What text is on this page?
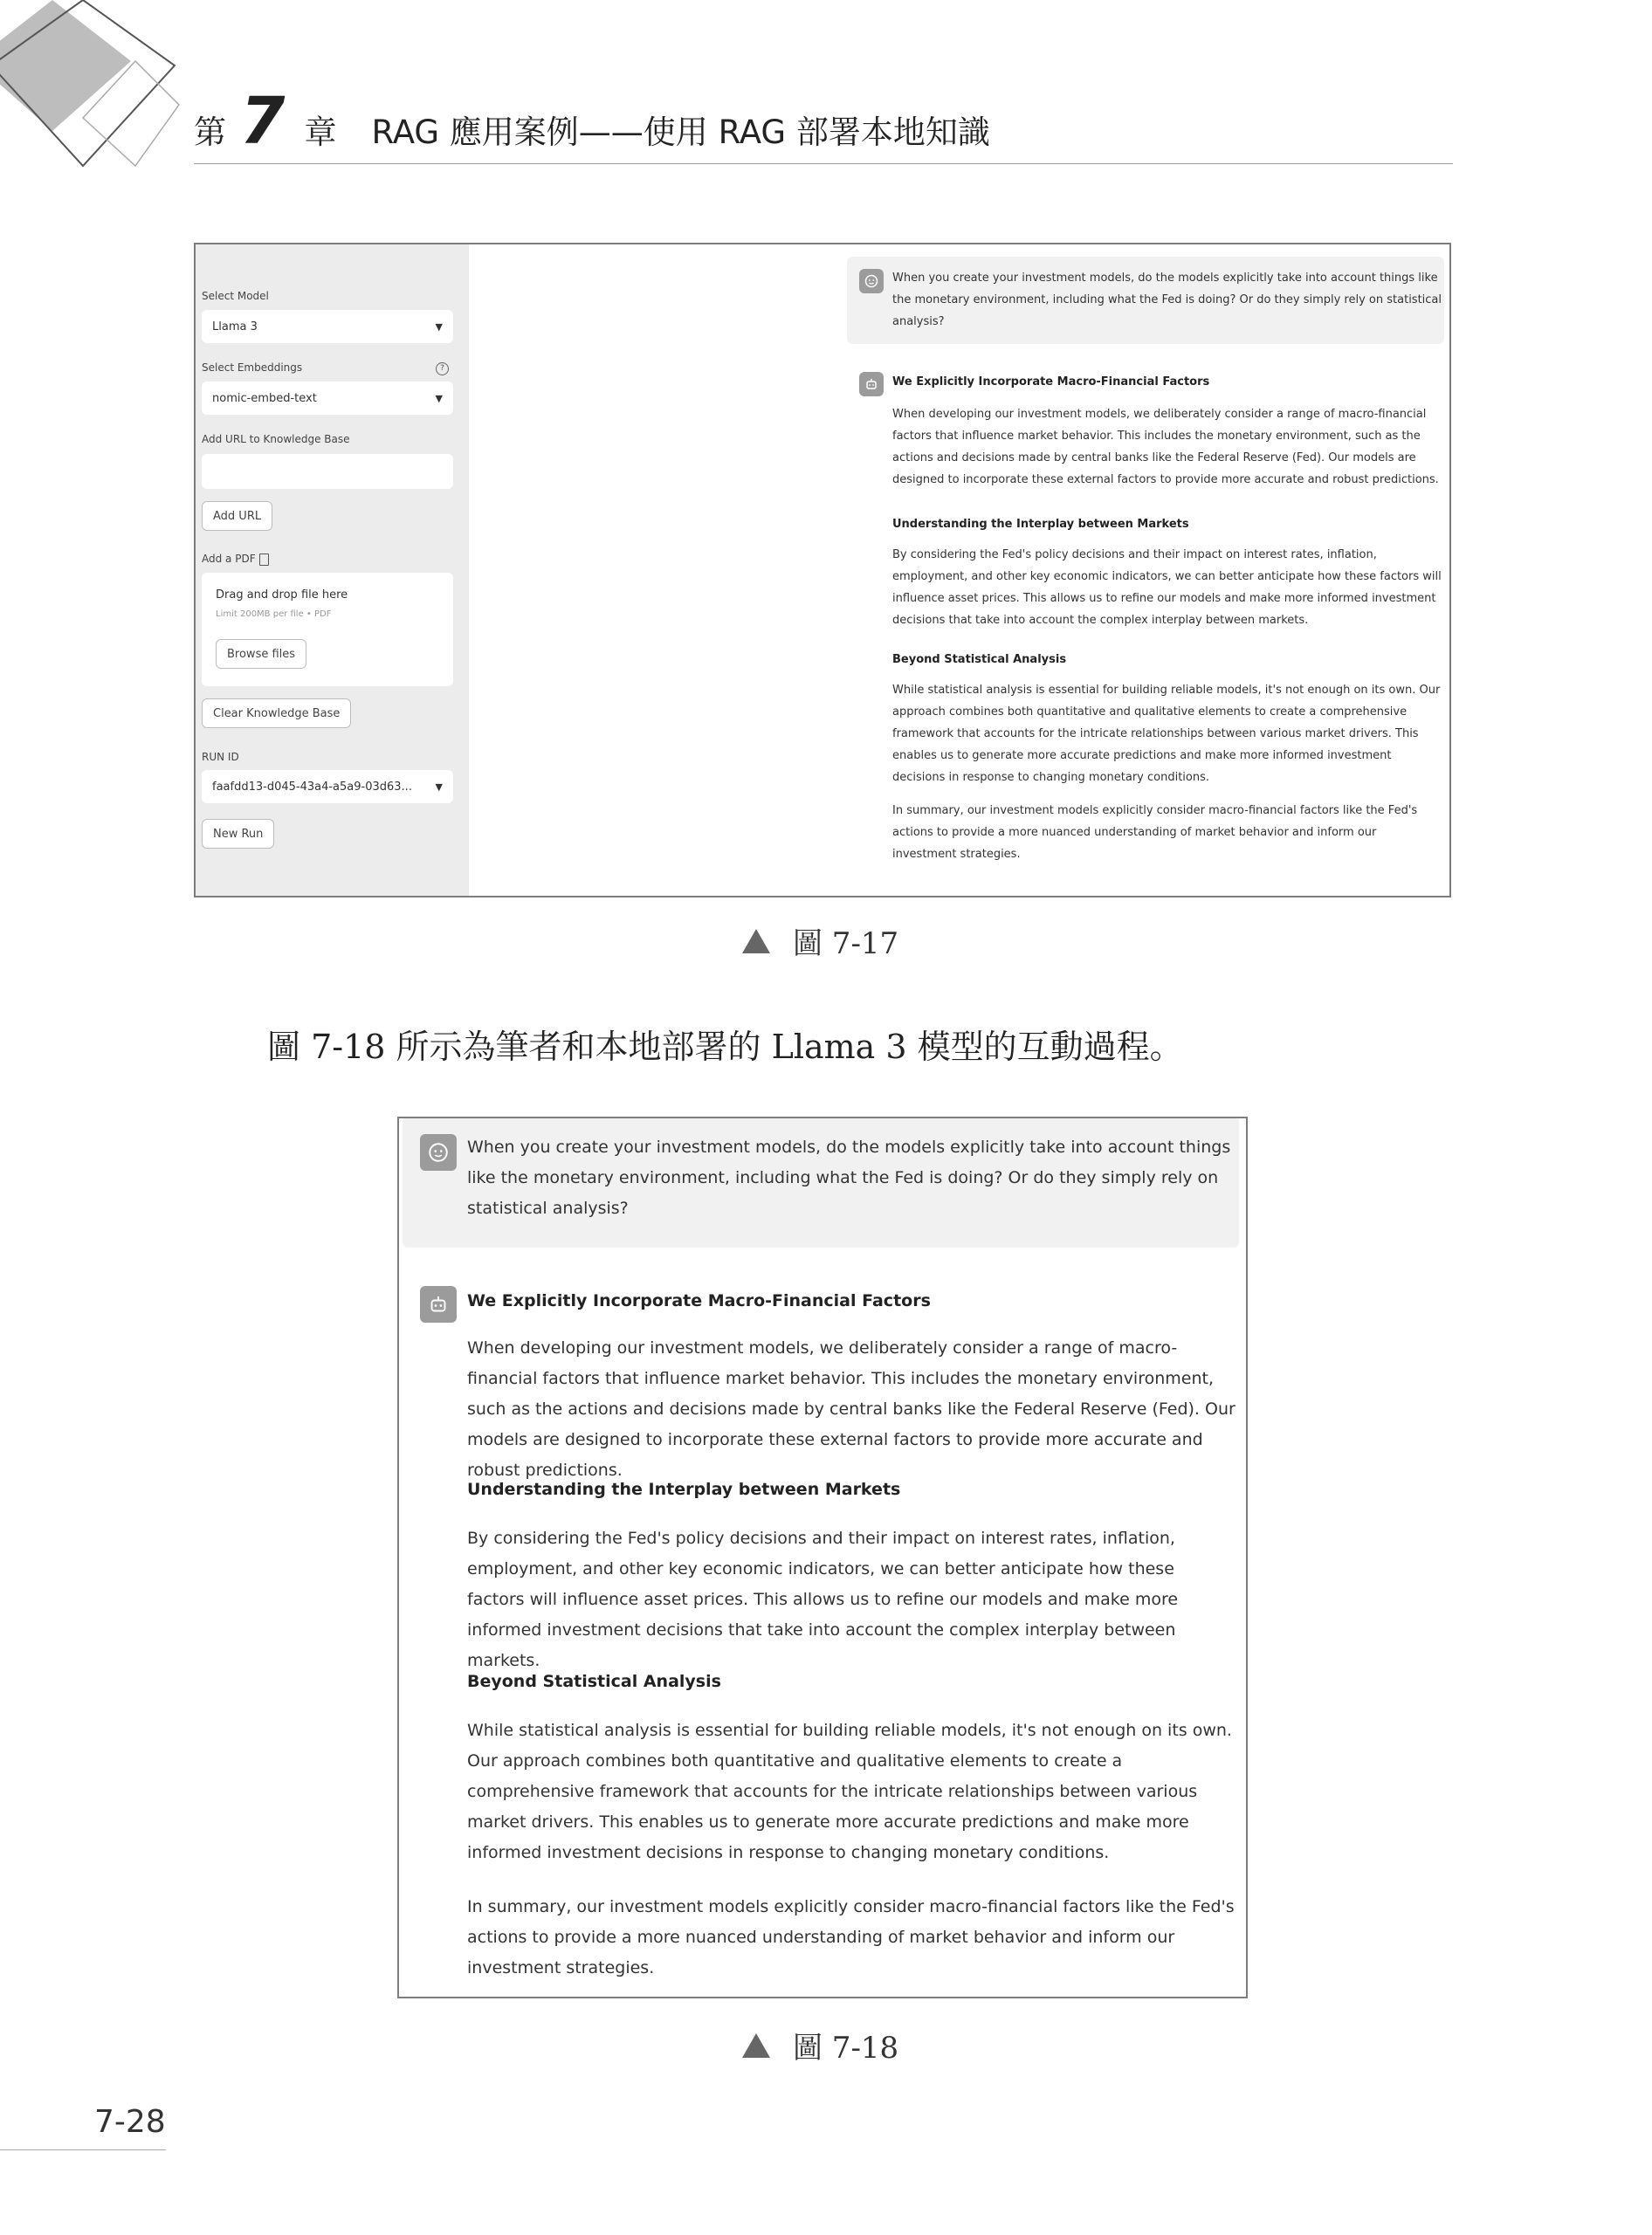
第 7 章 RAG 應用案例——使用 RAG 部署本地知識
Select Model
Llama 3	▼
Select Embeddings	?
nomic-embed-text	▼
Add URL to Knowledge Base
Add URL
Add a PDF
Drag and drop file here
Limit 200MB per file • PDF
Browse files
Clear Knowledge Base
RUN ID
faafdd13-d045-43a4-a5a9-03d63... ▼
New Run
When you create your investment models, do the models explicitly take into account things like the monetary environment, including what the Fed is doing? Or do they simply rely on statistical analysis?
We Explicitly Incorporate Macro-Financial Factors
When developing our investment models, we deliberately consider a range of macro-financial factors that influence market behavior. This includes the monetary environment, such as the actions and decisions made by central banks like the Federal Reserve (Fed). Our models are designed to incorporate these external factors to provide more accurate and robust predictions.
Understanding the Interplay between Markets
By considering the Fed's policy decisions and their impact on interest rates, inflation, employment, and other key economic indicators, we can better anticipate how these factors will influence asset prices. This allows us to refine our models and make more informed investment decisions that take into account the complex interplay between markets.
Beyond Statistical Analysis
While statistical analysis is essential for building reliable models, it's not enough on its own. Our approach combines both quantitative and qualitative elements to create a comprehensive framework that accounts for the intricate relationships between various market drivers. This enables us to generate more accurate predictions and make more informed investment decisions in response to changing monetary conditions.
In summary, our investment models explicitly consider macro-financial factors like the Fed's actions to provide a more nuanced understanding of market behavior and inform our investment strategies.
圖 7-17
圖 7-18 所示為筆者和本地部署的 Llama 3 模型的互動過程。
When you create your investment models, do the models explicitly take into account things like the monetary environment, including what the Fed is doing? Or do they simply rely on statistical analysis?
We Explicitly Incorporate Macro-Financial Factors
When developing our investment models, we deliberately consider a range of macro-financial factors that influence market behavior. This includes the monetary environment, such as the actions and decisions made by central banks like the Federal Reserve (Fed). Our models are designed to incorporate these external factors to provide more accurate and robust predictions.
Understanding the Interplay between Markets
By considering the Fed's policy decisions and their impact on interest rates, inflation, employment, and other key economic indicators, we can better anticipate how these factors will influence asset prices. This allows us to refine our models and make more informed investment decisions that take into account the complex interplay between markets.
Beyond Statistical Analysis
While statistical analysis is essential for building reliable models, it's not enough on its own. Our approach combines both quantitative and qualitative elements to create a comprehensive framework that accounts for the intricate relationships between various market drivers. This enables us to generate more accurate predictions and make more informed investment decisions in response to changing monetary conditions.
In summary, our investment models explicitly consider macro-financial factors like the Fed's actions to provide a more nuanced understanding of market behavior and inform our investment strategies.
圖 7-18
7-28
